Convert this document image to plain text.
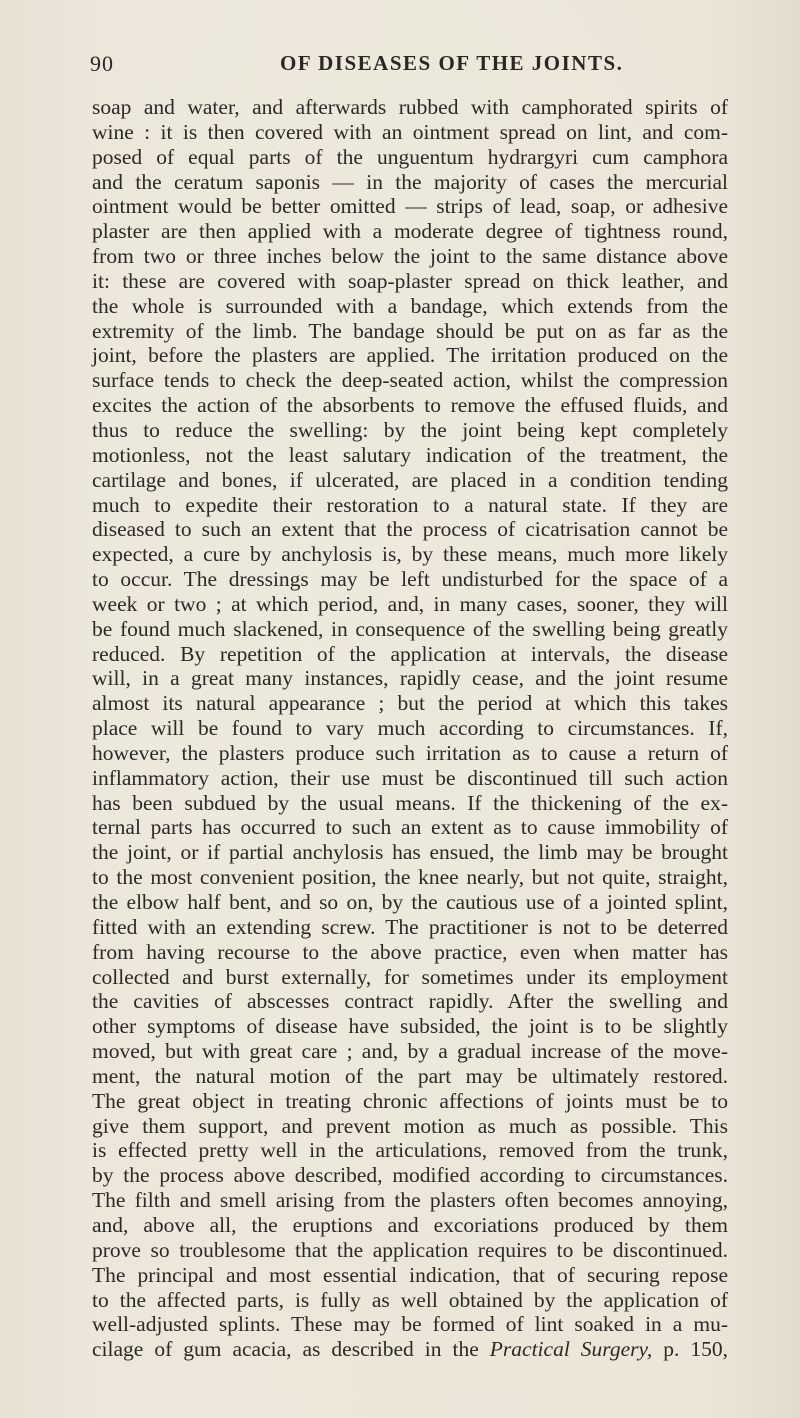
90	OF DISEASES OF THE JOINTS.
soap and water, and afterwards rubbed with camphorated spirits of
wine : it is then covered with an ointment spread on lint, and com-
posed of equal parts of the unguentum hydrargyri cum camphora
and the ceratum saponis — in the majority of cases the mercurial
ointment would be better omitted — strips of lead, soap, or adhesive
plaster are then applied with a moderate degree of tightness round,
from two or three inches below the joint to the same distance above
it: these are covered with soap-plaster spread on thick leather, and
the whole is surrounded with a bandage, which extends from the
extremity of the limb. The bandage should be put on as far as the
joint, before the plasters are applied. The irritation produced on the
surface tends to check the deep-seated action, whilst the compression
excites the action of the absorbents to remove the effused fluids, and
thus to reduce the swelling: by the joint being kept completely
motionless, not the least salutary indication of the treatment, the
cartilage and bones, if ulcerated, are placed in a condition tending
much to expedite their restoration to a natural state. If they are
diseased to such an extent that the process of cicatrisation cannot be
expected, a cure by anchylosis is, by these means, much more likely
to occur. The dressings may be left undisturbed for the space of a
week or two ; at which period, and, in many cases, sooner, they will
be found much slackened, in consequence of the swelling being greatly
reduced. By repetition of the application at intervals, the disease
will, in a great many instances, rapidly cease, and the joint resume
almost its natural appearance ; but the period at which this takes
place will be found to vary much according to circumstances. If,
however, the plasters produce such irritation as to cause a return of
inflammatory action, their use must be discontinued till such action
has been subdued by the usual means. If the thickening of the ex-
ternal parts has occurred to such an extent as to cause immobility of
the joint, or if partial anchylosis has ensued, the limb may be brought
to the most convenient position, the knee nearly, but not quite, straight,
the elbow half bent, and so on, by the cautious use of a jointed splint,
fitted with an extending screw. The practitioner is not to be deterred
from having recourse to the above practice, even when matter has
collected and burst externally, for sometimes under its employment
the cavities of abscesses contract rapidly. After the swelling and
other symptoms of disease have subsided, the joint is to be slightly
moved, but with great care ; and, by a gradual increase of the move-
ment, the natural motion of the part may be ultimately restored.
The great object in treating chronic affections of joints must be to
give them support, and prevent motion as much as possible. This
is effected pretty well in the articulations, removed from the trunk,
by the process above described, modified according to circumstances.
The filth and smell arising from the plasters often becomes annoying,
and, above all, the eruptions and excoriations produced by them
prove so troublesome that the application requires to be discontinued.
The principal and most essential indication, that of securing repose
to the affected parts, is fully as well obtained by the application of
well-adjusted splints. These may be formed of lint soaked in a mu-
cilage of gum acacia, as described in the Practical Surgery, p. 150,
